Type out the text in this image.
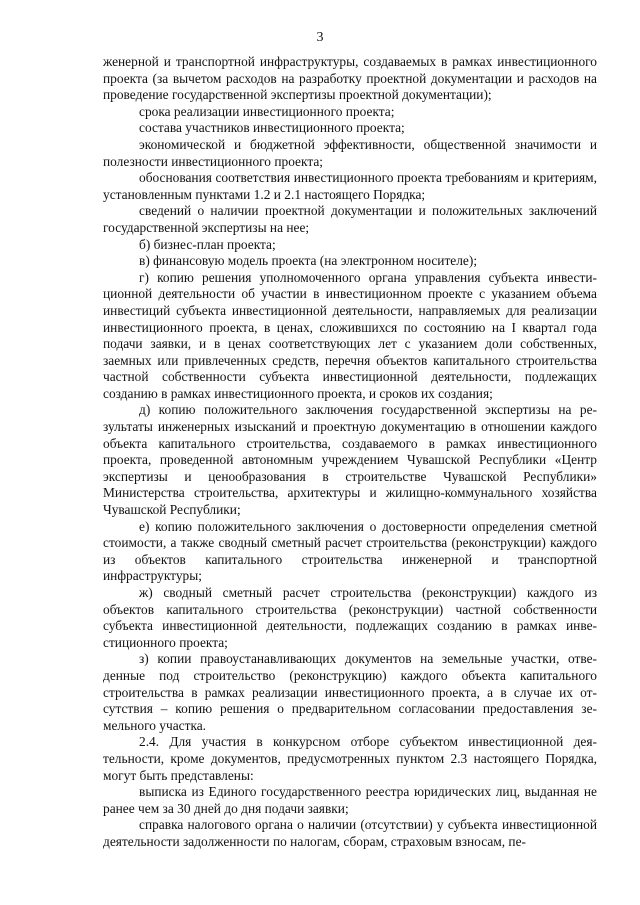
3

женерной и транспортной инфраструктуры, создаваемых в рамках инвестиционного проекта (за вычетом расходов на разработку проектной документации и расходов на проведение государственной экспертизы проектной документации);

срока реализации инвестиционного проекта;

состава участников инвестиционного проекта;

экономической и бюджетной эффективности, общественной значимости и полезности инвестиционного проекта;

обоснования соответствия инвестиционного проекта требованиям и критериям, установленным пунктами 1.2 и 2.1 настоящего Порядка;

сведений о наличии проектной документации и положительных заключений государственной экспертизы на нее;

б) бизнес-план проекта;

в) финансовую модель проекта (на электронном носителе);

г) копию решения уполномоченного органа управления субъекта инвестиционной деятельности об участии в инвестиционном проекте с указанием объема инвестиций субъекта инвестиционной деятельности, направляемых для реализации инвестиционного проекта, в ценах, сложившихся по состоянию на I квартал года подачи заявки, и в ценах соответствующих лет с указанием доли собственных, заемных или привлеченных средств, перечня объектов капитального строительства частной собственности субъекта инвестиционной деятельности, подлежащих созданию в рамках инвестиционного проекта, и сроков их создания;

д) копию положительного заключения государственной экспертизы на результаты инженерных изысканий и проектную документацию в отношении каждого объекта капитального строительства, создаваемого в рамках инвестиционного проекта, проведенной автономным учреждением Чувашской Республики «Центр экспертизы и ценообразования в строительстве Чувашской Республики» Министерства строительства, архитектуры и жилищно-коммунального хозяйства Чувашской Республики;

е) копию положительного заключения о достоверности определения сметной стоимости, а также сводный сметный расчет строительства (реконструкции) каждого из объектов капитального строительства инженерной и транспортной инфраструктуры;

ж) сводный сметный расчет строительства (реконструкции) каждого из объектов капитального строительства (реконструкции) частной собственности субъекта инвестиционной деятельности, подлежащих созданию в рамках инвестиционного проекта;

з) копии правоустанавливающих документов на земельные участки, отведенные под строительство (реконструкцию) каждого объекта капитального строительства в рамках реализации инвестиционного проекта, а в случае их отсутствия – копию решения о предварительном согласовании предоставления земельного участка.

2.4. Для участия в конкурсном отборе субъектом инвестиционной деятельности, кроме документов, предусмотренных пунктом 2.3 настоящего Порядка, могут быть представлены:

выписка из Единого государственного реестра юридических лиц, выданная не ранее чем за 30 дней до дня подачи заявки;

справка налогового органа о наличии (отсутствии) у субъекта инвестиционной деятельности задолженности по налогам, сборам, страховым взносам, пе-
